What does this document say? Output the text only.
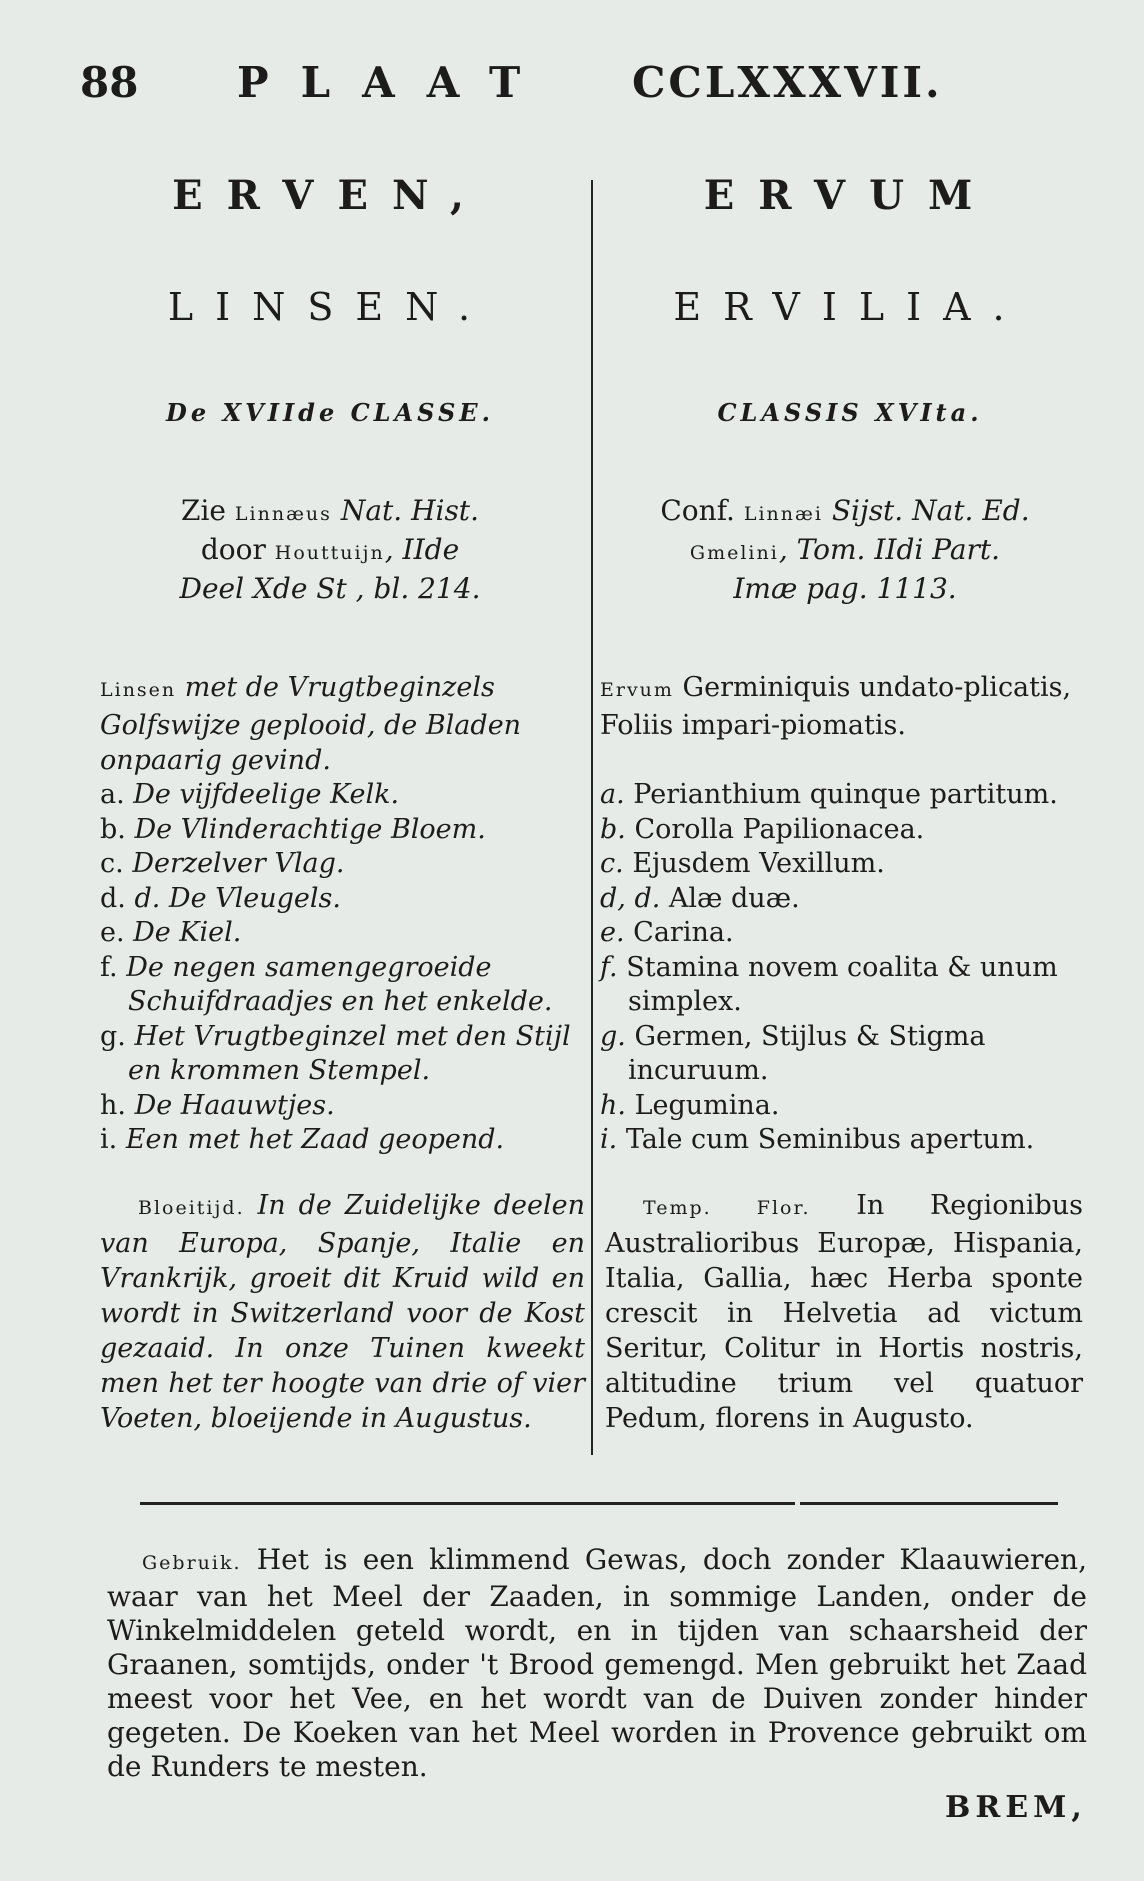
88 PLAAT CCLXXXVII.
ERVEN,
LINSEN.
De XVIIde CLASSE.
Zie Linnæus Nat. Hist.
door Houttuijn, IIde
Deel Xde St , bl. 214.
Linsen met de Vrugtbeginzels Golfswijze geplooid, de Bladen onpaarig gevind.
a. De vijfdeelige Kelk.
b. De Vlinderachtige Bloem.
c. Derzelver Vlag.
d. d. De Vleugels.
e. De Kiel.
f. De negen samengegroeide Schuifdraadjes en het enkelde.
g. Het Vrugtbeginzel met den Stijl en krommen Stempel.
h. De Haauwtjes.
i. Een met het Zaad geopend.
Bloeitijd. In de Zuidelijke deelen van Europa, Spanje, Italie en Vrankrijk, groeit dit Kruid wild en wordt in Switzerland voor de Kost gezaaid. In onze Tuinen kweekt men het ter hoogte van drie of vier Voeten, bloeijende in Augustus.
ERVUM
ERVILIA.
CLASSIS XVIta.
Conf. Linnæi Sijst. Nat. Ed.
Gmelini, Tom. IIdi Part.
Imæ pag. 1113.
Ervum Germiniquis undato-plicatis, Foliis impari-piomatis.
a. Perianthium quinque partitum.
b. Corolla Papilionacea.
c. Ejusdem Vexillum.
d, d. Alæ duæ.
e. Carina.
f. Stamina novem coalita & unum simplex.
g. Germen, Stijlus & Stigma incuruum.
h. Legumina.
i. Tale cum Seminibus apertum.
Temp. Flor. In Regionibus Australioribus Europæ, Hispania, Italia, Gallia, hæc Herba sponte crescit in Helvetia ad victum Seritur, Colitur in Hortis nostris, altitudine trium vel quatuor Pedum, florens in Augusto.
Gebruik. Het is een klimmend Gewas, doch zonder Klaauwieren, waar van het Meel der Zaaden, in sommige Landen, onder de Winkelmiddelen geteld wordt, en in tijden van schaarsheid der Graanen, somtijds, onder 't Brood gemengd. Men gebruikt het Zaad meest voor het Vee, en het wordt van de Duiven zonder hinder gegeten. De Koeken van het Meel worden in Provence gebruikt om de Runders te mesten.
BREM,
